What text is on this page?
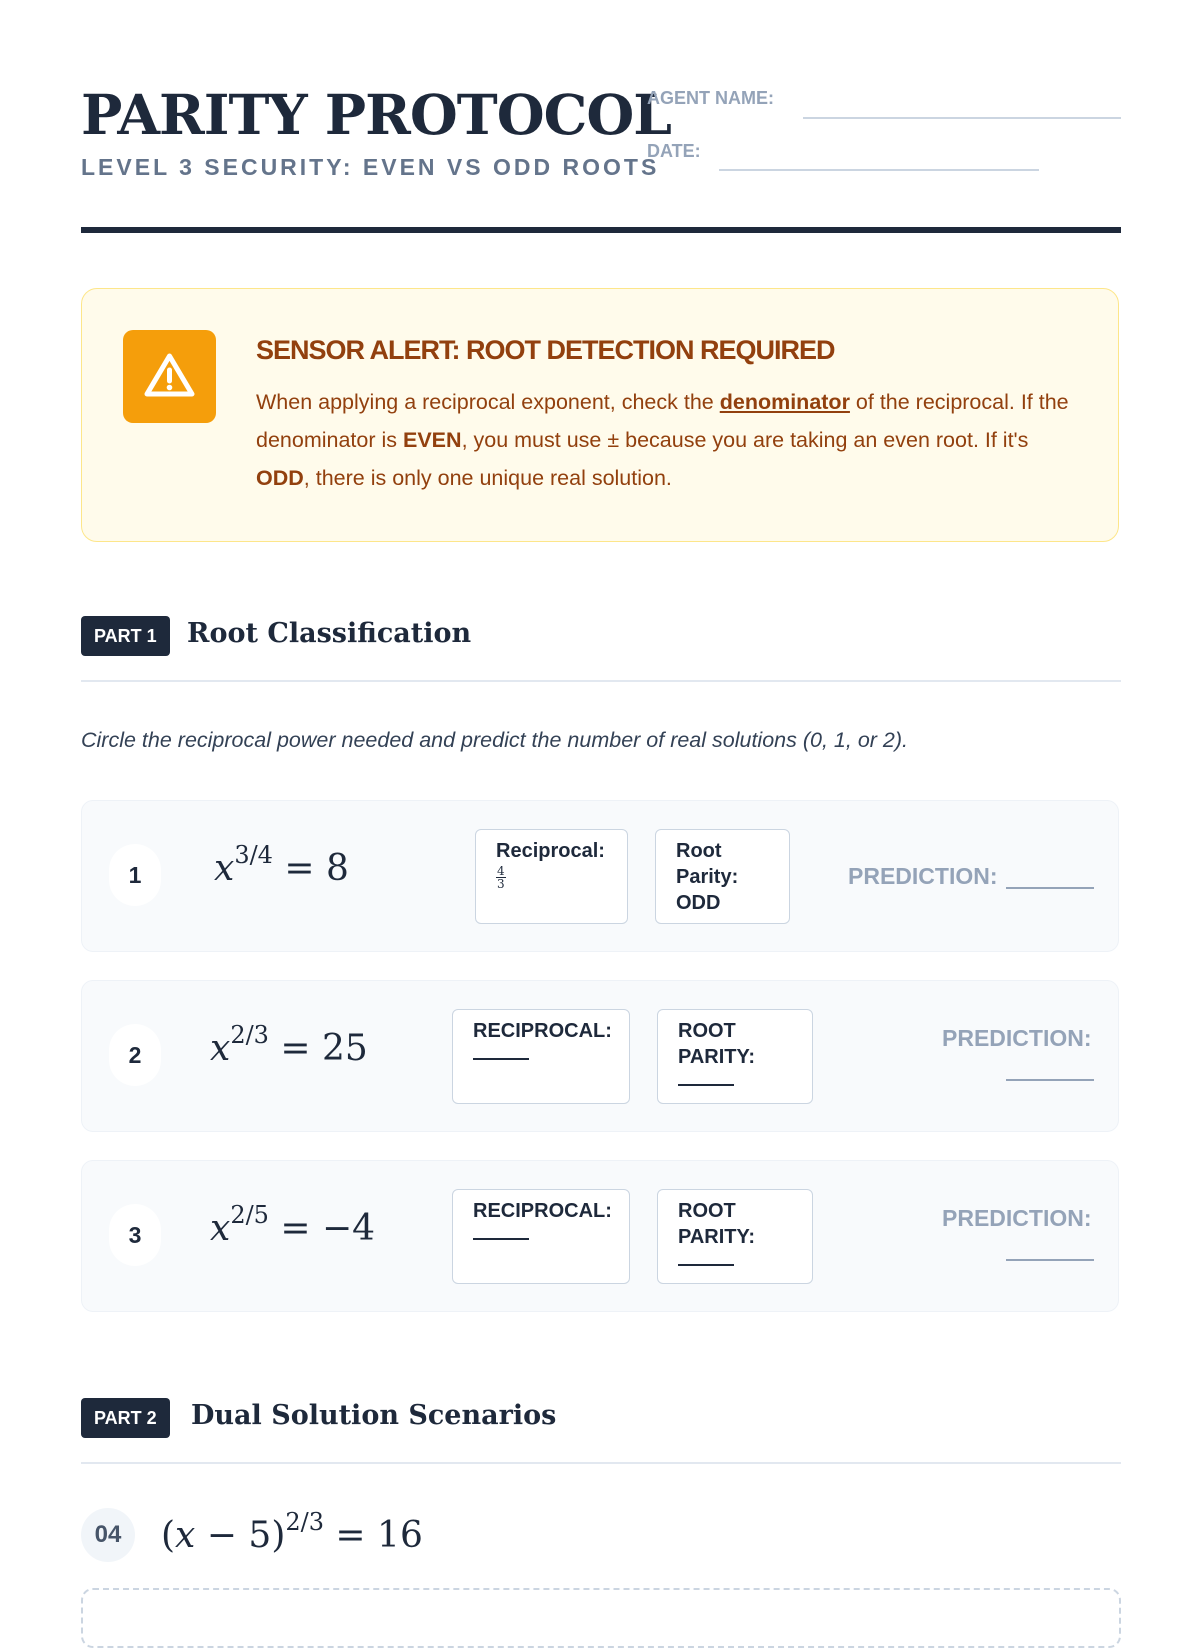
PARITY PROTOCOL
LEVEL 3 SECURITY: EVEN VS ODD ROOTS
AGENT NAME:
DATE:
SENSOR ALERT: ROOT DETECTION REQUIRED
When applying a reciprocal exponent, check the denominator of the reciprocal. If the denominator is EVEN, you must use ± because you are taking an even root. If it's ODD, there is only one unique real solution.
PART 1	Root Classification
Circle the reciprocal power needed and predict the number of real solutions (0, 1, or 2).
1	$x^{3/4} = 8$	Reciprocal:
$\frac{4}{3}$
Root
Parity:
ODD
PREDICTION:
2	$x^{2/3} = 25$	RECIPROCAL:	ROOT
PARITY:
PREDICTION:
3	$x^{2/5} = -4$	RECIPROCAL:	ROOT
PARITY:
PREDICTION:
PART 2	Dual Solution Scenarios
04	$(x - 5)^{2/3} = 16$
